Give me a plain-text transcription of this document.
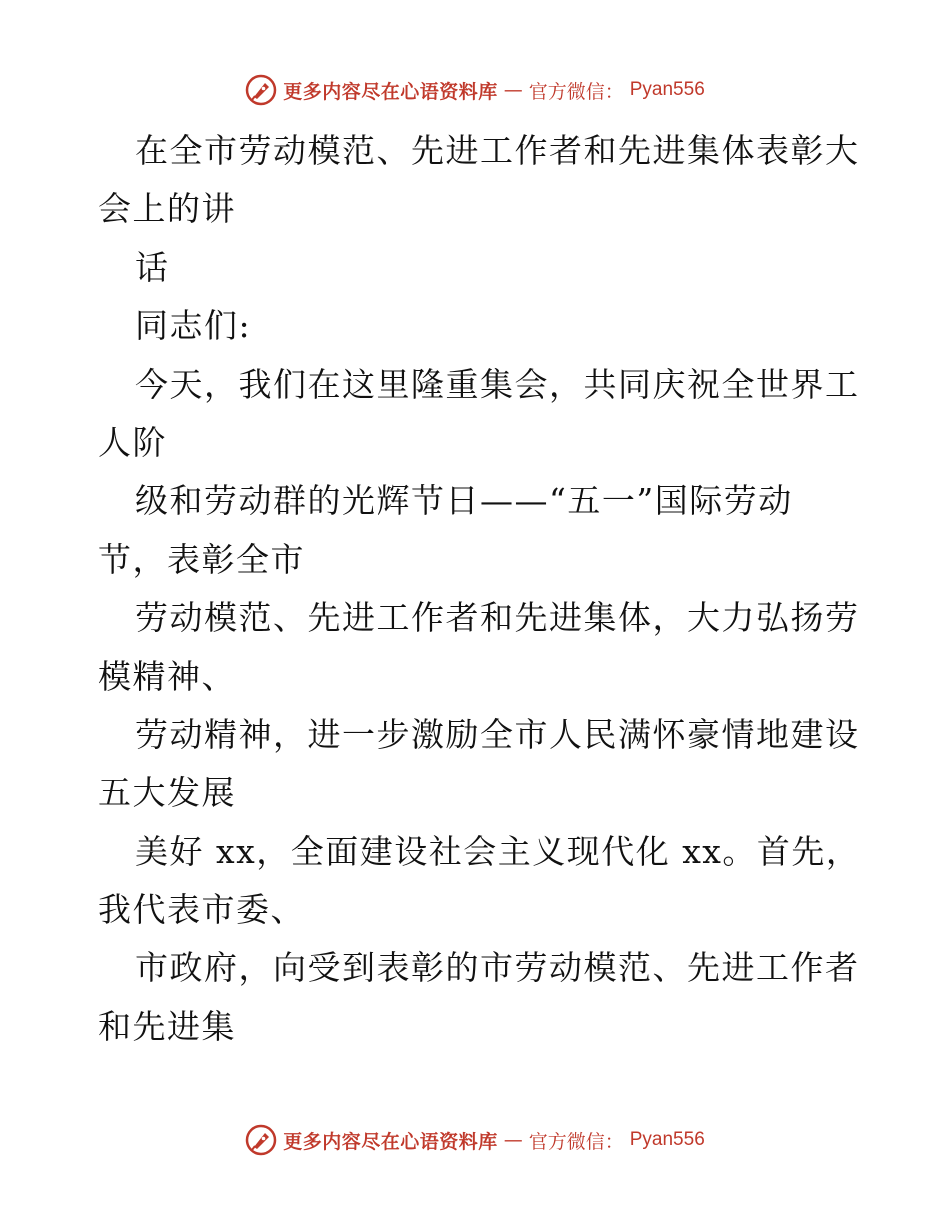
更多内容尽在心语资料库 — 官方微信： Pyan556
在全市劳动模范、先进工作者和先进集体表彰大
会上的讲
话
同志们:
今天，我们在这里隆重集会，共同庆祝全世界工
人阶
级和劳动群的光辉节日——“五一”国际劳动
节，表彰全市
劳动模范、先进工作者和先进集体，大力弘扬劳
模精神、
劳动精神，进一步激励全市人民满怀豪情地建设
五大发展
美好 xx，全面建设社会主义现代化 xx。首先，
我代表市委、
市政府，向受到表彰的市劳动模范、先进工作者
和先进集
更多内容尽在心语资料库 — 官方微信： Pyan556
